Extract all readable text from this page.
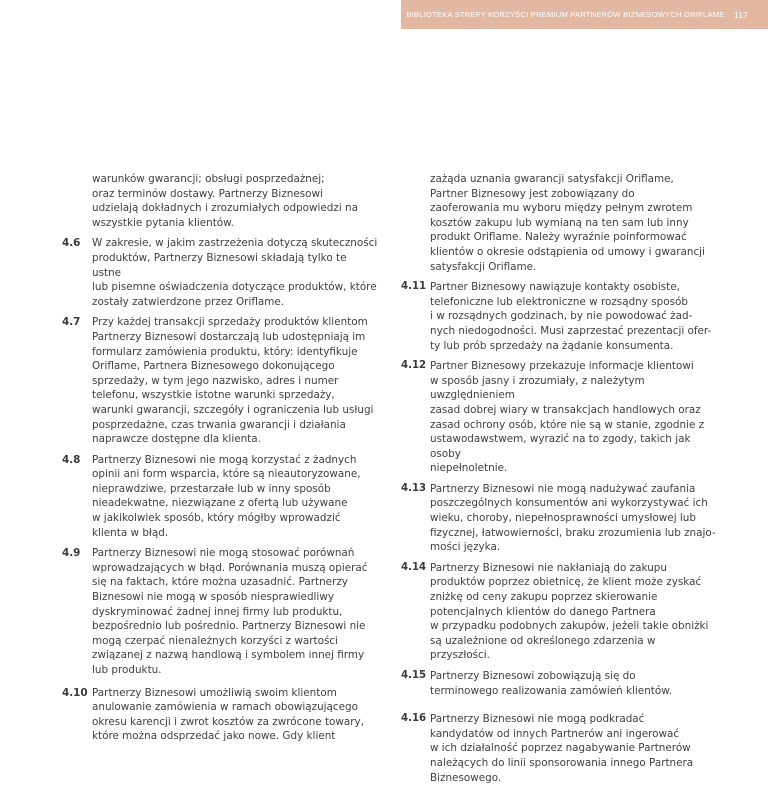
BIBLIOTEKA STREFY KORZYŚCI PREMIUM PARTNERÓW BIZNESOWYCH ORIFLAME	117
warunków gwarancji; obsługi posprzedażnej;
oraz terminów dostawy. Partnerzy Biznesowi
udzielają dokładnych i zrozumiałych odpowiedzi na
wszystkie pytania klientów.
4.6 W zakresie, w jakim zastrzeżenia dotyczą skuteczności
produktów, Partnerzy Biznesowi składają tylko te ustne
lub pisemne oświadczenia dotyczące produktów, które
zostały zatwierdzone przez Oriflame.
4.7 Przy każdej transakcji sprzedaży produktów klientom
Partnerzy Biznesowi dostarczają lub udostępniają im
formularz zamówienia produktu, który: identyfikuje
Oriflame, Partnera Biznesowego dokonującego
sprzedaży, w tym jego nazwisko, adres i numer
telefonu, wszystkie istotne warunki sprzedaży,
warunki gwarancji, szczegóły i ograniczenia lub usługi
posprzedażne, czas trwania gwarancji i działania
naprawcze dostępne dla klienta.
4.8 Partnerzy Biznesowi nie mogą korzystać z żadnych
opinii ani form wsparcia, które są nieautoryzowane,
nieprawdziwe, przestarzałe lub w inny sposób
nieadekwatne, niezwiązane z ofertą lub używane
w jakikolwiek sposób, który mógłby wprowadzić
klienta w błąd.
4.9 Partnerzy Biznesowi nie mogą stosować porównań
wprowadzających w błąd. Porównania muszą opierać
się na faktach, które można uzasadnić. Partnerzy
Biznesowi nie mogą w sposób niesprawiedliwy
dyskryminować żadnej innej firmy lub produktu,
bezpośrednio lub pośrednio. Partnerzy Biznesowi nie
mogą czerpać nienależnych korzyści z wartości
związanej z nazwą handlową i symbolem innej firmy
lub produktu.
4.10 Partnerzy Biznesowi umożliwią swoim klientom
anulowanie zamówienia w ramach obowiązującego
okresu karencji i zwrot kosztów za zwrócone towary,
które można odsprzedać jako nowe. Gdy klient
zażąda uznania gwarancji satysfakcji Oriflame,
Partner Biznesowy jest zobowiązany do
zaoferowania mu wyboru między pełnym zwrotem
kosztów zakupu lub wymianą na ten sam lub inny
produkt Oriflame. Należy wyraźnie poinformować
klientów o okresie odstąpienia od umowy i gwarancji
satysfakcji Oriflame.
4.11 Partner Biznesowy nawiązuje kontakty osobiste,
telefoniczne lub elektroniczne w rozsądny sposób
i w rozsądnych godzinach, by nie powodować żad-
nych niedogodności. Musi zaprzestać prezentacji ofer-
ty lub prób sprzedaży na żądanie konsumenta.
4.12 Partner Biznesowy przekazuje informacje klientowi
w sposób jasny i zrozumiały, z należytym uwzględnieniem
zasad dobrej wiary w transakcjach handlowych oraz
zasad ochrony osób, które nie są w stanie, zgodnie z
ustawodawstwem, wyrazić na to zgody, takich jak osoby
niepełnoletnie.
4.13 Partnerzy Biznesowi nie mogą nadużywać zaufania
poszczególnych konsumentów ani wykorzystywać ich
wieku, choroby, niepełnosprawności umysłowej lub
fizycznej, łatwowierności, braku zrozumienia lub znajo-
mości języka.
4.14 Partnerzy Biznesowi nie nakłaniają do zakupu
produktów poprzez obietnicę, że klient może zyskać
zniżkę od ceny zakupu poprzez skierowanie
potencjalnych klientów do danego Partnera
w przypadku podobnych zakupów, jeżeli takie obniżki
są uzależnione od określonego zdarzenia w przyszłości.
4.15 Partnerzy Biznesowi zobowiązują się do
terminowego realizowania zamówień klientów.
4.16 Partnerzy Biznesowi nie mogą podkradać
kandydatów od innych Partnerów ani ingerować
w ich działalność poprzez nagabywanie Partnerów
należących do linii sponsorowania innego Partnera
Biznesowego.
